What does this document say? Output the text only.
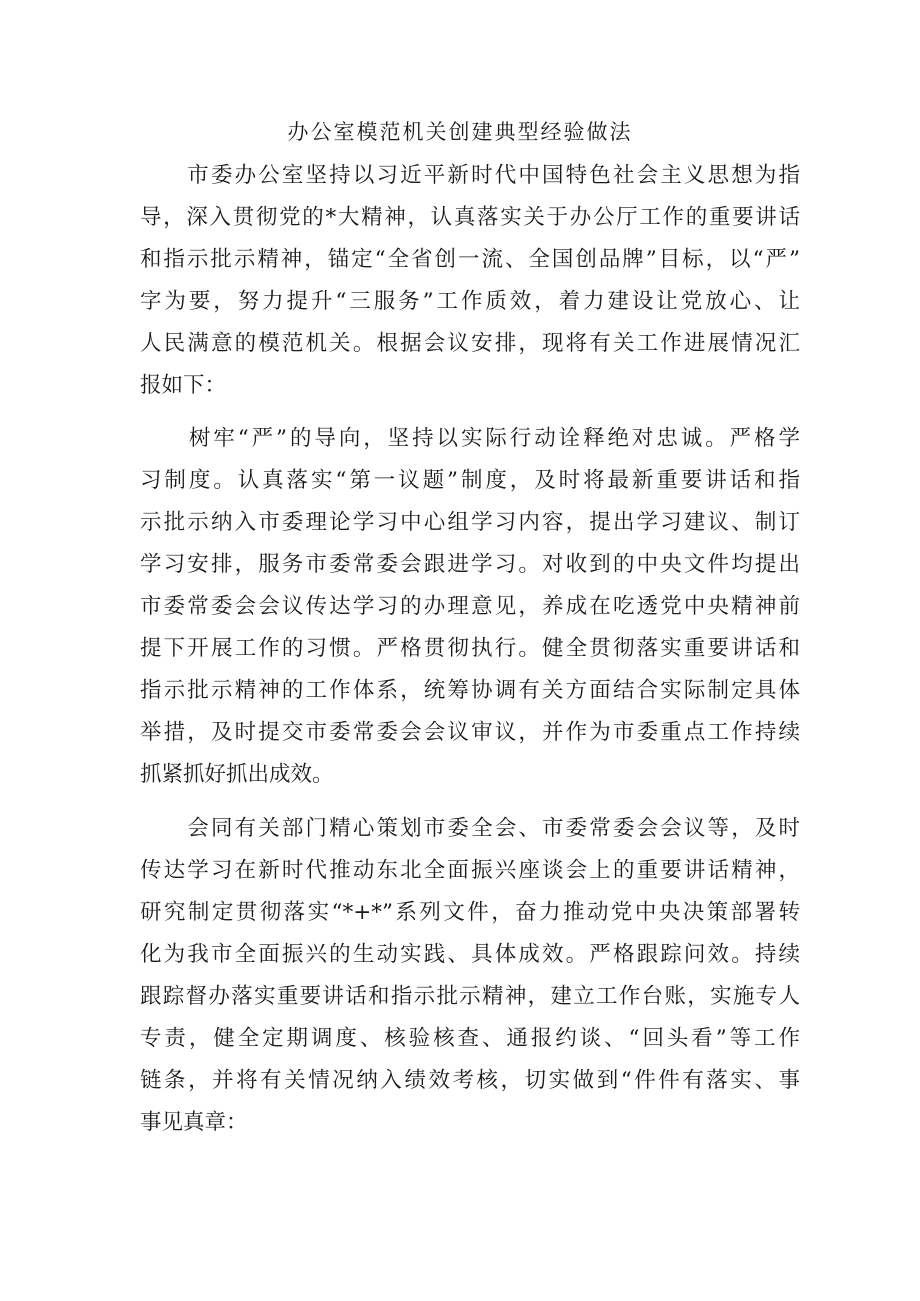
办公室模范机关创建典型经验做法
　　市委办公室坚持以习近平新时代中国特色社会主义思想为指
导，深入贯彻党的*大精神，认真落实关于办公厅工作的重要讲话
和指示批示精神，锚定“全省创一流、全国创品牌”目标，以“严”
字为要，努力提升“三服务”工作质效，着力建设让党放心、让
人民满意的模范机关。根据会议安排，现将有关工作进展情况汇
报如下：
　　树牢“严”的导向，坚持以实际行动诠释绝对忠诚。严格学
习制度。认真落实“第一议题”制度，及时将最新重要讲话和指
示批示纳入市委理论学习中心组学习内容，提出学习建议、制订
学习安排，服务市委常委会跟进学习。对收到的中央文件均提出
市委常委会会议传达学习的办理意见，养成在吃透党中央精神前
提下开展工作的习惯。严格贯彻执行。健全贯彻落实重要讲话和
指示批示精神的工作体系，统筹协调有关方面结合实际制定具体
举措，及时提交市委常委会会议审议，并作为市委重点工作持续
抓紧抓好抓出成效。
　　会同有关部门精心策划市委全会、市委常委会会议等，及时
传达学习在新时代推动东北全面振兴座谈会上的重要讲话精神，
研究制定贯彻落实“*+*”系列文件，奋力推动党中央决策部署转
化为我市全面振兴的生动实践、具体成效。严格跟踪问效。持续
跟踪督办落实重要讲话和指示批示精神，建立工作台账，实施专人
专责，健全定期调度、核验核查、通报约谈、“回头看”等工作
链条，并将有关情况纳入绩效考核，切实做到“件件有落实、事
事见真章：
